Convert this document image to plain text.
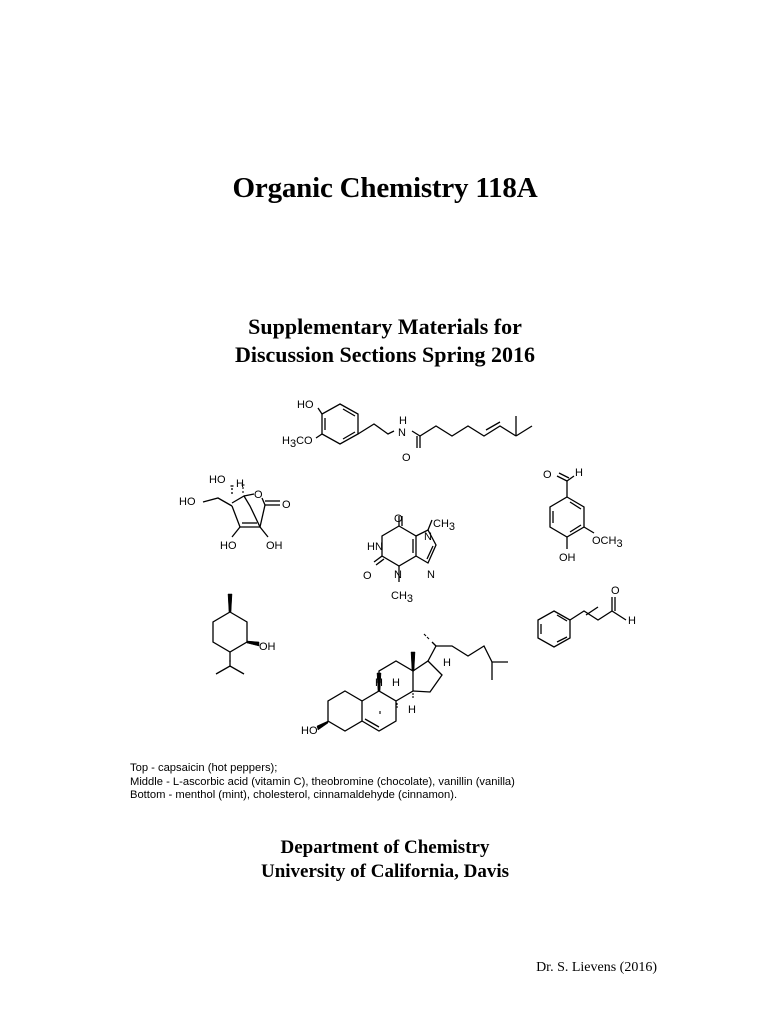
Organic Chemistry 118A
Supplementary Materials for
Discussion Sections Spring 2016
HO
H3CO
N
H
O
HO H
HO
O
O
HO	OH
O	CH3
HN
N
N
O N
CH3
O H
OCH3
OH
OH
HO
H
H H
H
O
H
Top - capsaicin (hot peppers);
Middle - L-ascorbic acid (vitamin C), theobromine (chocolate), vanillin (vanilla)
Bottom - menthol (mint), cholesterol, cinnamaldehyde (cinnamon).
Department of Chemistry
University of California, Davis
Dr. S. Lievens (2016)
